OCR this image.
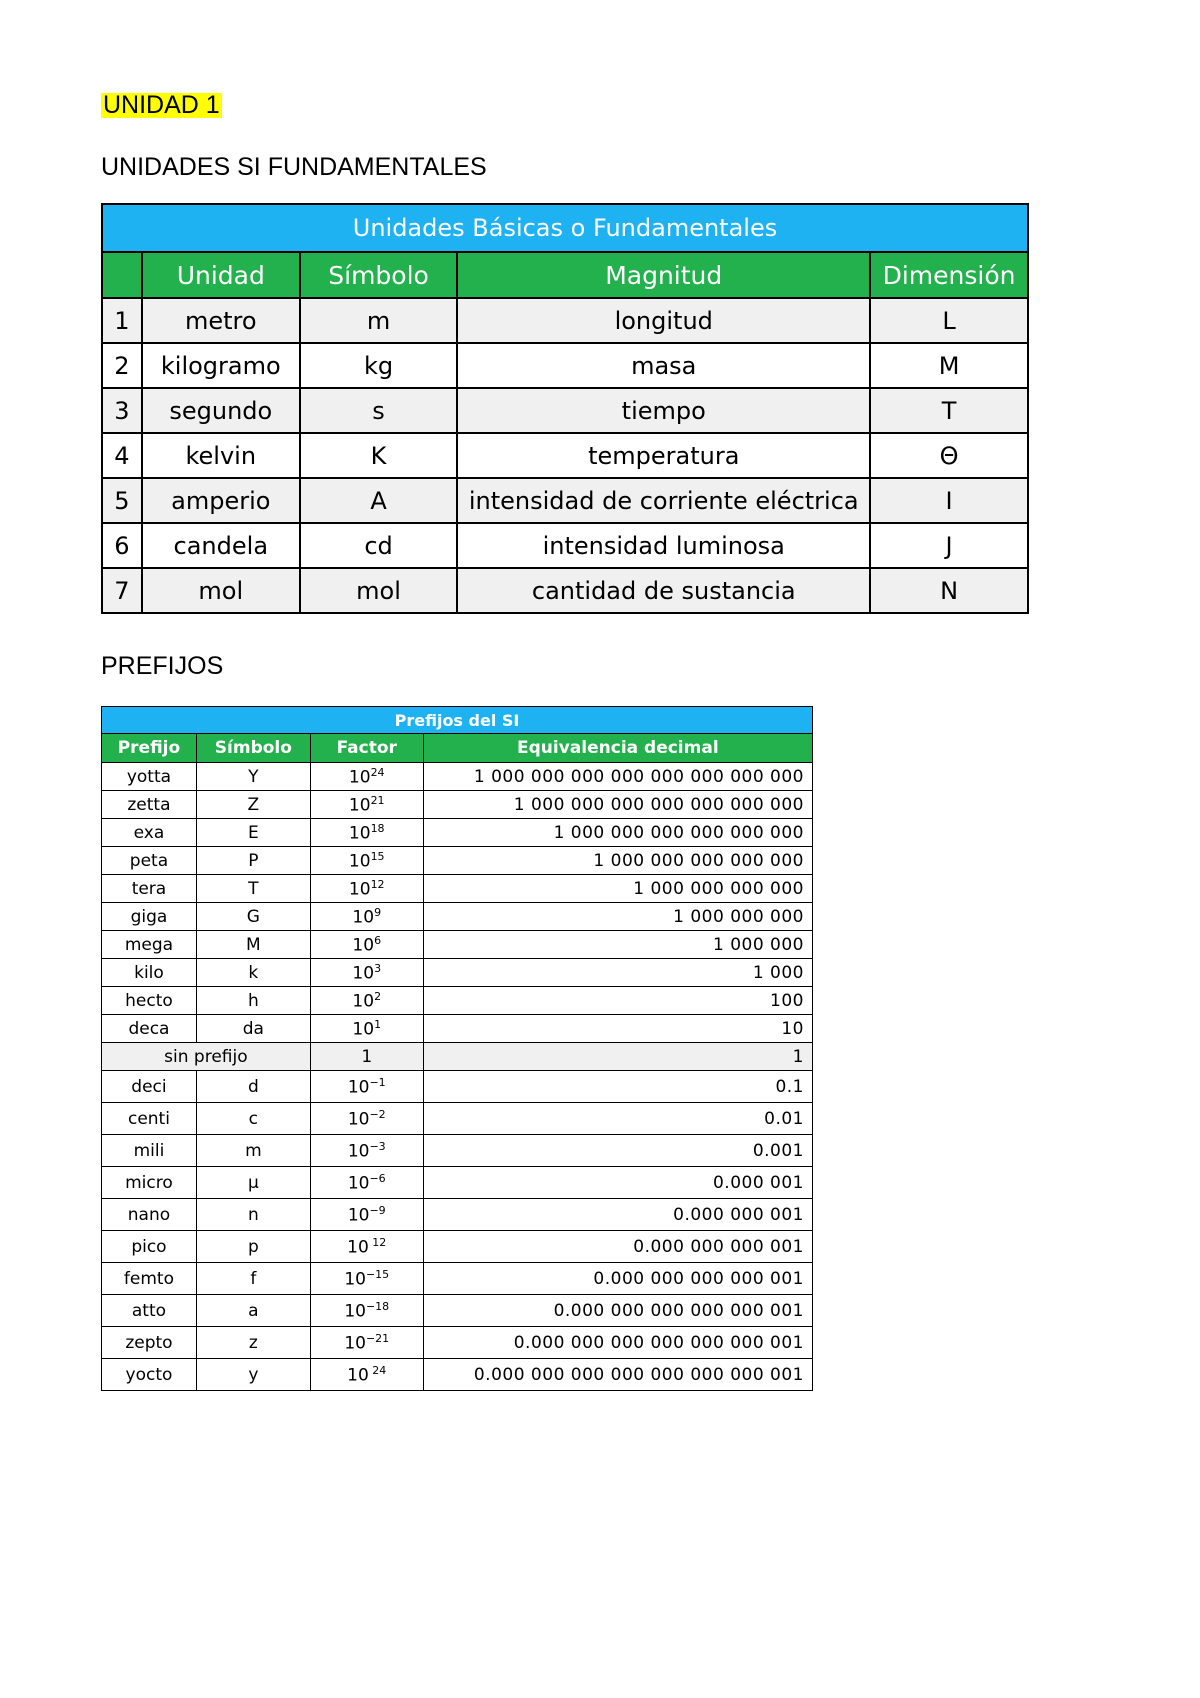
UNIDAD 1
UNIDADES SI FUNDAMENTALES
Unidades Básicas o Fundamentales				
	Unidad	Símbolo	Magnitud	Dimensión
1	metro	m	longitud	L
2	kilogramo	kg	masa	M
3	segundo	s	tiempo	T
4	kelvin	K	temperatura	Θ
5	amperio	A	intensidad de corriente eléctrica	I
6	candela	cd	intensidad luminosa	J
7	mol	mol	cantidad de sustancia	N
PREFIJOS
Prefijos del SI			
Prefijo	Símbolo	Factor	Equivalencia decimal
yotta	Y	$10^{24}$	1 000 000 000 000 000 000 000 000
zetta	Z	$10^{21}$	1 000 000 000 000 000 000 000
exa	E	$10^{18}$	1 000 000 000 000 000 000
peta	P	$10^{15}$	1 000 000 000 000 000
tera	T	$10^{12}$	1 000 000 000 000
giga	G	$10^9$	1 000 000 000
mega	M	$10^6$	1 000 000
kilo	k	$10^3$	1 000
hecto	h	$10^2$	100
deca	da	$10^1$	10
sin prefijo		1	1
deci	d	$10^{-1}$	0.1
centi	c	$10^{-2}$	0.01
mili	m	$10^{-3}$	0.001
micro	µ	$10^{-6}$	0.000 001
nano	n	$10^{-9}$	0.000 000 001
pico	p	10 $^{12}$	0.000 000 000 001
femto	f	$10^{-15}$	0.000 000 000 000 001
atto	a	$10^{-18}$	0.000 000 000 000 000 001
zepto	z	$10^{-21}$	0.000 000 000 000 000 000 001
yocto	y	10 $^{24}$	0.000 000 000 000 000 000 000 001
